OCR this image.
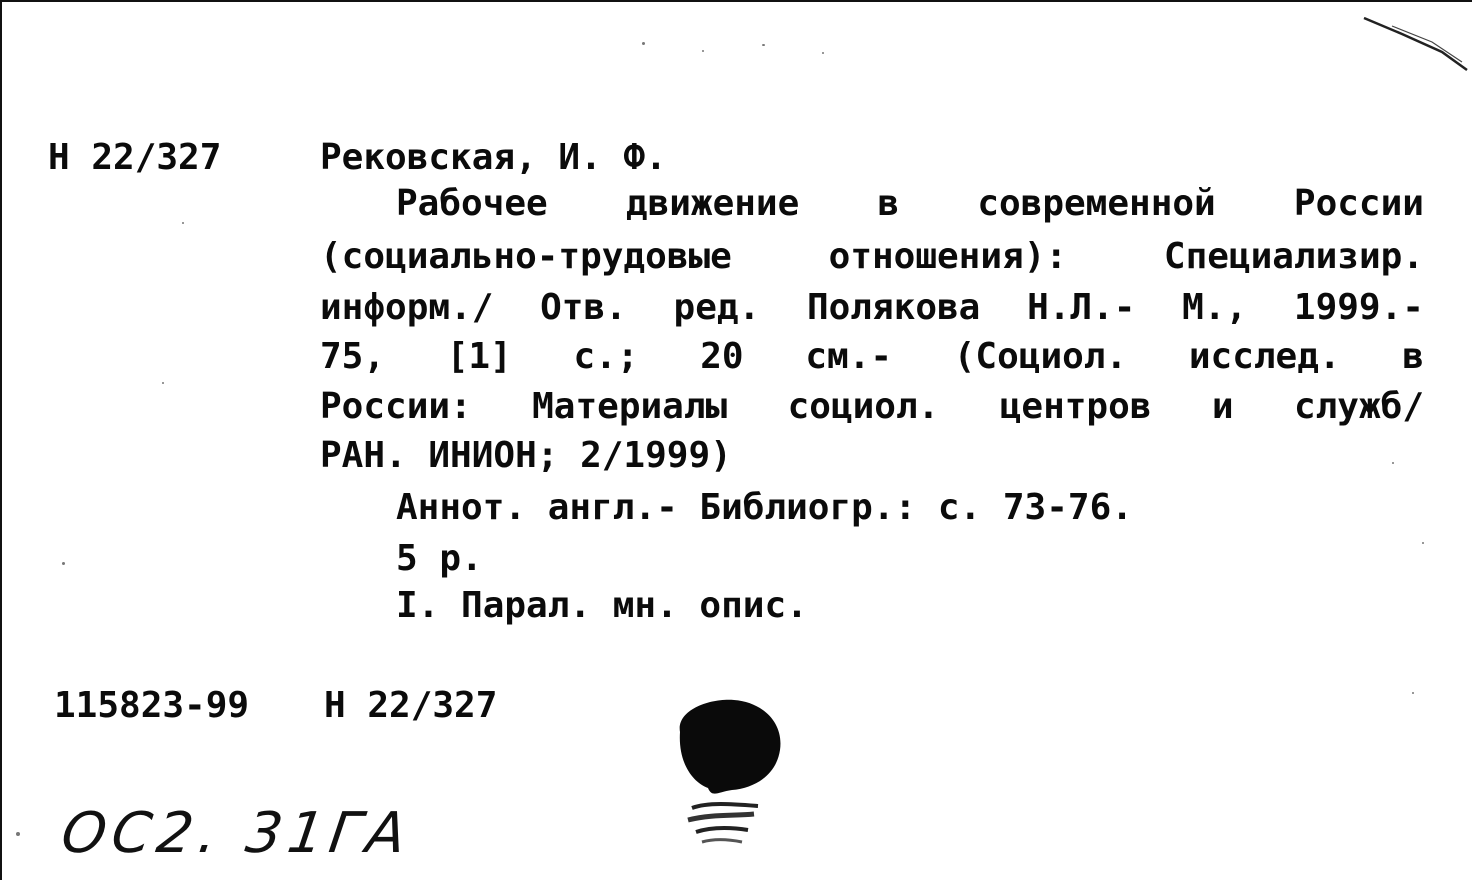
Н 22/327	Рековская, И. Ф.
Рабочее движение в современной России
(социально-трудовые	отношения):	Специализир.
информ./ Отв. ред. Полякова Н.Л.- М., 1999.-
75, [1] с.; 20 см.- (Социол. исслед. в
России: Материалы социол. центров и служб/
РАН. ИНИОН; 2/1999)
Аннот. англ.- Библиогр.: с. 73-76.
5 р.
I. Парал. мн. опис.
115823-99 Н 22/327
ОС2. 31ГА
